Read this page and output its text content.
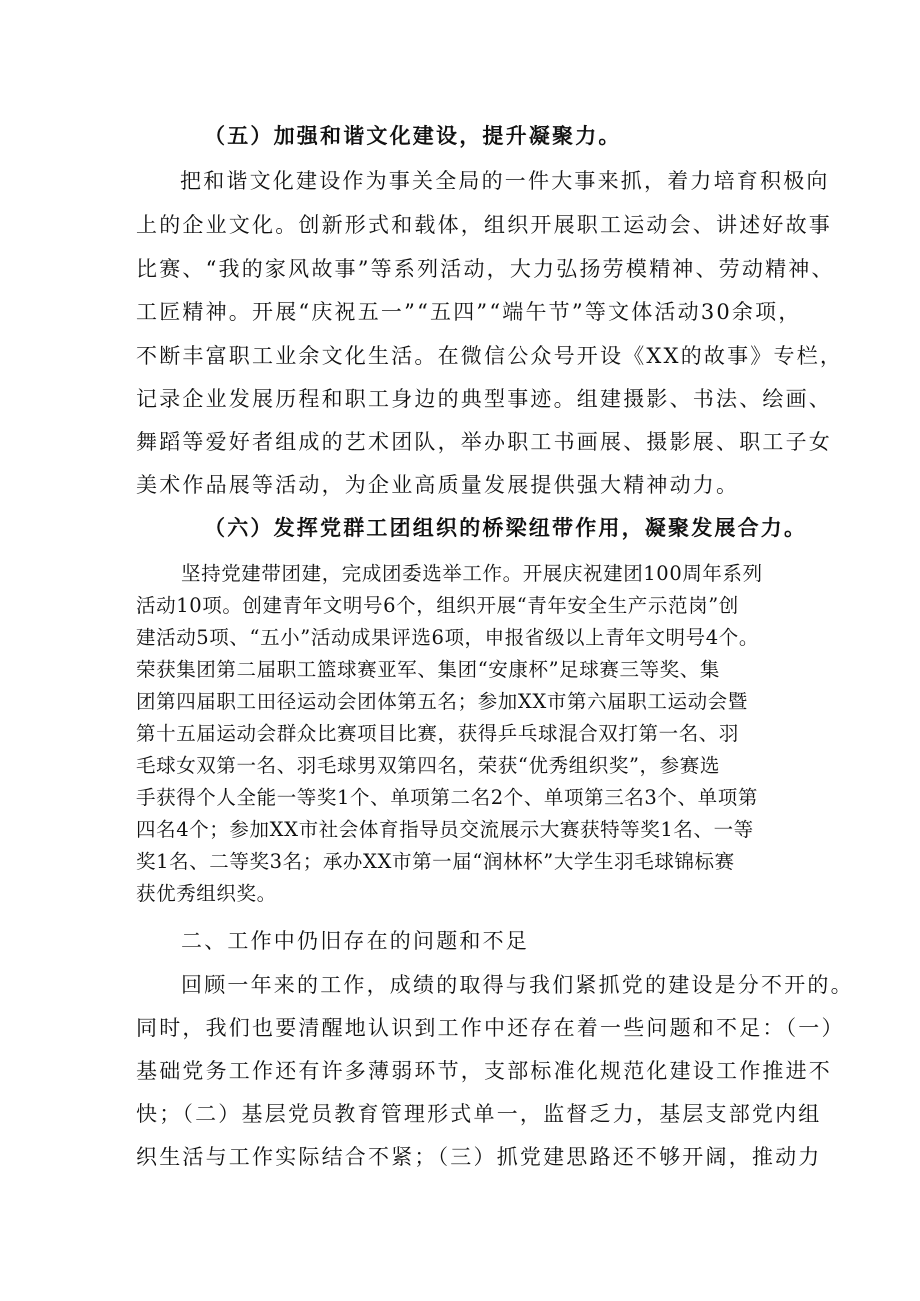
（五）加强和谐文化建设，提升凝聚力。
把和谐文化建设作为事关全局的一件大事来抓，着力培育积极向
上的企业文化。创新形式和载体，组织开展职工运动会、讲述好故事
比赛、“我的家风故事”等系列活动，大力弘扬劳模精神、劳动精神、
工匠精神。开展“庆祝五一”“五四”“端午节”等文体活动30余项，
不断丰富职工业余文化生活。在微信公众号开设《XX的故事》专栏，
记录企业发展历程和职工身边的典型事迹。组建摄影、书法、绘画、
舞蹈等爱好者组成的艺术团队，举办职工书画展、摄影展、职工子女
美术作品展等活动，为企业高质量发展提供强大精神动力。
（六）发挥党群工团组织的桥梁纽带作用，凝聚发展合力。
坚持党建带团建，完成团委选举工作。开展庆祝建团100周年系列
活动10项。创建青年文明号6个，组织开展“青年安全生产示范岗”创
建活动5项、“五小”活动成果评选6项，申报省级以上青年文明号4个。
荣获集团第二届职工篮球赛亚军、集团“安康杯”足球赛三等奖、集
团第四届职工田径运动会团体第五名；参加XX市第六届职工运动会暨
第十五届运动会群众比赛项目比赛，获得乒乓球混合双打第一名、羽
毛球女双第一名、羽毛球男双第四名，荣获“优秀组织奖”，参赛选
手获得个人全能一等奖1个、单项第二名2个、单项第三名3个、单项第
四名4个；参加XX市社会体育指导员交流展示大赛获特等奖1名、一等
奖1名、二等奖3名；承办XX市第一届“润林杯”大学生羽毛球锦标赛
获优秀组织奖。
二、工作中仍旧存在的问题和不足
回顾一年来的工作，成绩的取得与我们紧抓党的建设是分不开的。
同时，我们也要清醒地认识到工作中还存在着一些问题和不足：（一）
基础党务工作还有许多薄弱环节，支部标准化规范化建设工作推进不
快；（二）基层党员教育管理形式单一，监督乏力，基层支部党内组
织生活与工作实际结合不紧；（三）抓党建思路还不够开阔，推动力
